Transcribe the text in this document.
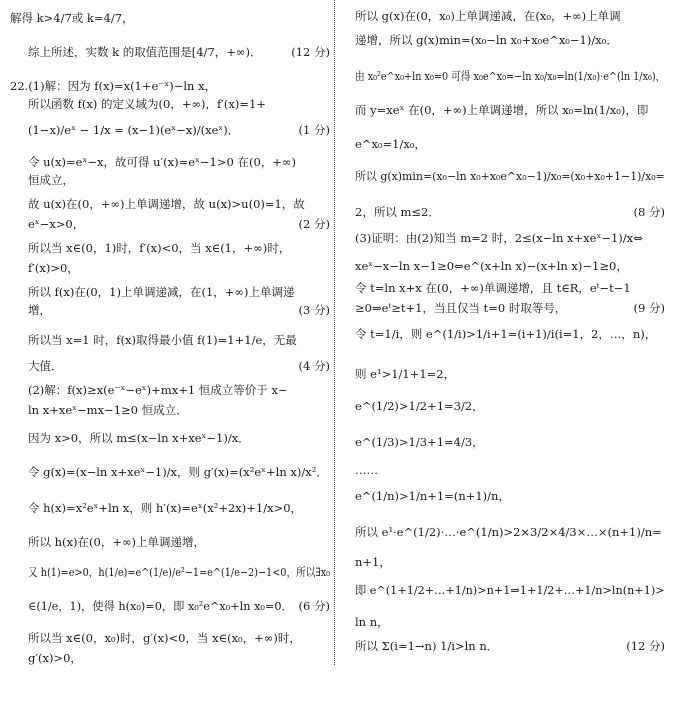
解得 k>4/7或 k=4/7，
综上所述，实数 k 的取值范围是[4/7，+∞)．	(12 分)
22.(1)解：因为 f(x)=x(1+e⁻ˣ)−ln x，
所以函数 f(x) 的定义域为(0，+∞)，f′(x)=1+
(1−x)/eˣ − 1/x = (x−1)(eˣ−x)/(xeˣ)．	(1 分)
令 u(x)=eˣ−x，故可得 u′(x)=eˣ−1>0 在(0，+∞)
恒成立，
故 u(x)在(0，+∞)上单调递增，故 u(x)>u(0)=1，故
eˣ−x>0，	(2 分)
所以当 x∈(0，1)时，f′(x)<0，当 x∈(1，+∞)时，
f′(x)>0，
所以 f(x)在(0，1)上单调递减，在(1，+∞)上单调递
增，	(3 分)
所以当 x=1 时，f(x)取得最小值 f(1)=1+1/e，无最
大值．	(4 分)
(2)解：f(x)≥x(e⁻ˣ−eˣ)+mx+1 恒成立等价于 x−
ln x+xeˣ−mx−1≥0 恒成立．
因为 x>0，所以 m≤(x−ln x+xeˣ−1)/x．
令 g(x)=(x−ln x+xeˣ−1)/x，则 g′(x)=(x²eˣ+ln x)/x²．
令 h(x)=x²eˣ+ln x，则 h′(x)=eˣ(x²+2x)+1/x>0，
所以 h(x)在(0，+∞)上单调递增，
又 h(1)=e>0，h(1/e)=e^(1/e)/e²−1=e^(1/e−2)−1<0，所以∃x₀
∈(1/e，1)，使得 h(x₀)=0，即 x₀²e^x₀+ln x₀=0． (6 分)
所以当 x∈(0，x₀)时，g′(x)<0，当 x∈(x₀，+∞)时，
g′(x)>0，
所以 g(x)在(0，x₀)上单调递减，在(x₀，+∞)上单调
递增，所以 g(x)min=(x₀−ln x₀+x₀e^x₀−1)/x₀．
由 x₀²e^x₀+ln x₀=0 可得 x₀e^x₀=−ln x₀/x₀=ln(1/x₀)·e^(ln 1/x₀)，
而 y=xeˣ 在(0，+∞)上单调递增，所以 x₀=ln(1/x₀)，即
e^x₀=1/x₀，
所以 g(x)min=(x₀−ln x₀+x₀e^x₀−1)/x₀=(x₀+x₀+1−1)/x₀=
2，所以 m≤2．	(8 分)
(3)证明：由(2)知当 m=2 时，2≤(x−ln x+xeˣ−1)/x⇔
xeˣ−x−ln x−1≥0⇔e^(x+ln x)−(x+ln x)−1≥0，
令 t=ln x+x 在(0，+∞)单调递增，且 t∈R，eᵗ−t−1
≥0⇒eᵗ≥t+1，当且仅当 t=0 时取等号，	(9 分)
令 t=1/i，则 e^(1/i)>1/i+1=(i+1)/i(i=1，2，…，n)，
则 e¹>1/1+1=2，
e^(1/2)>1/2+1=3/2，
e^(1/3)>1/3+1=4/3，
……
e^(1/n)>1/n+1=(n+1)/n，
所以 e¹·e^(1/2)·…·e^(1/n)>2×3/2×4/3×…×(n+1)/n=
n+1，
即 e^(1+1/2+…+1/n)>n+1⇒1+1/2+…+1/n>ln(n+1)>
ln n，
所以 Σ(i=1→n) 1/i>ln n．	(12 分)
